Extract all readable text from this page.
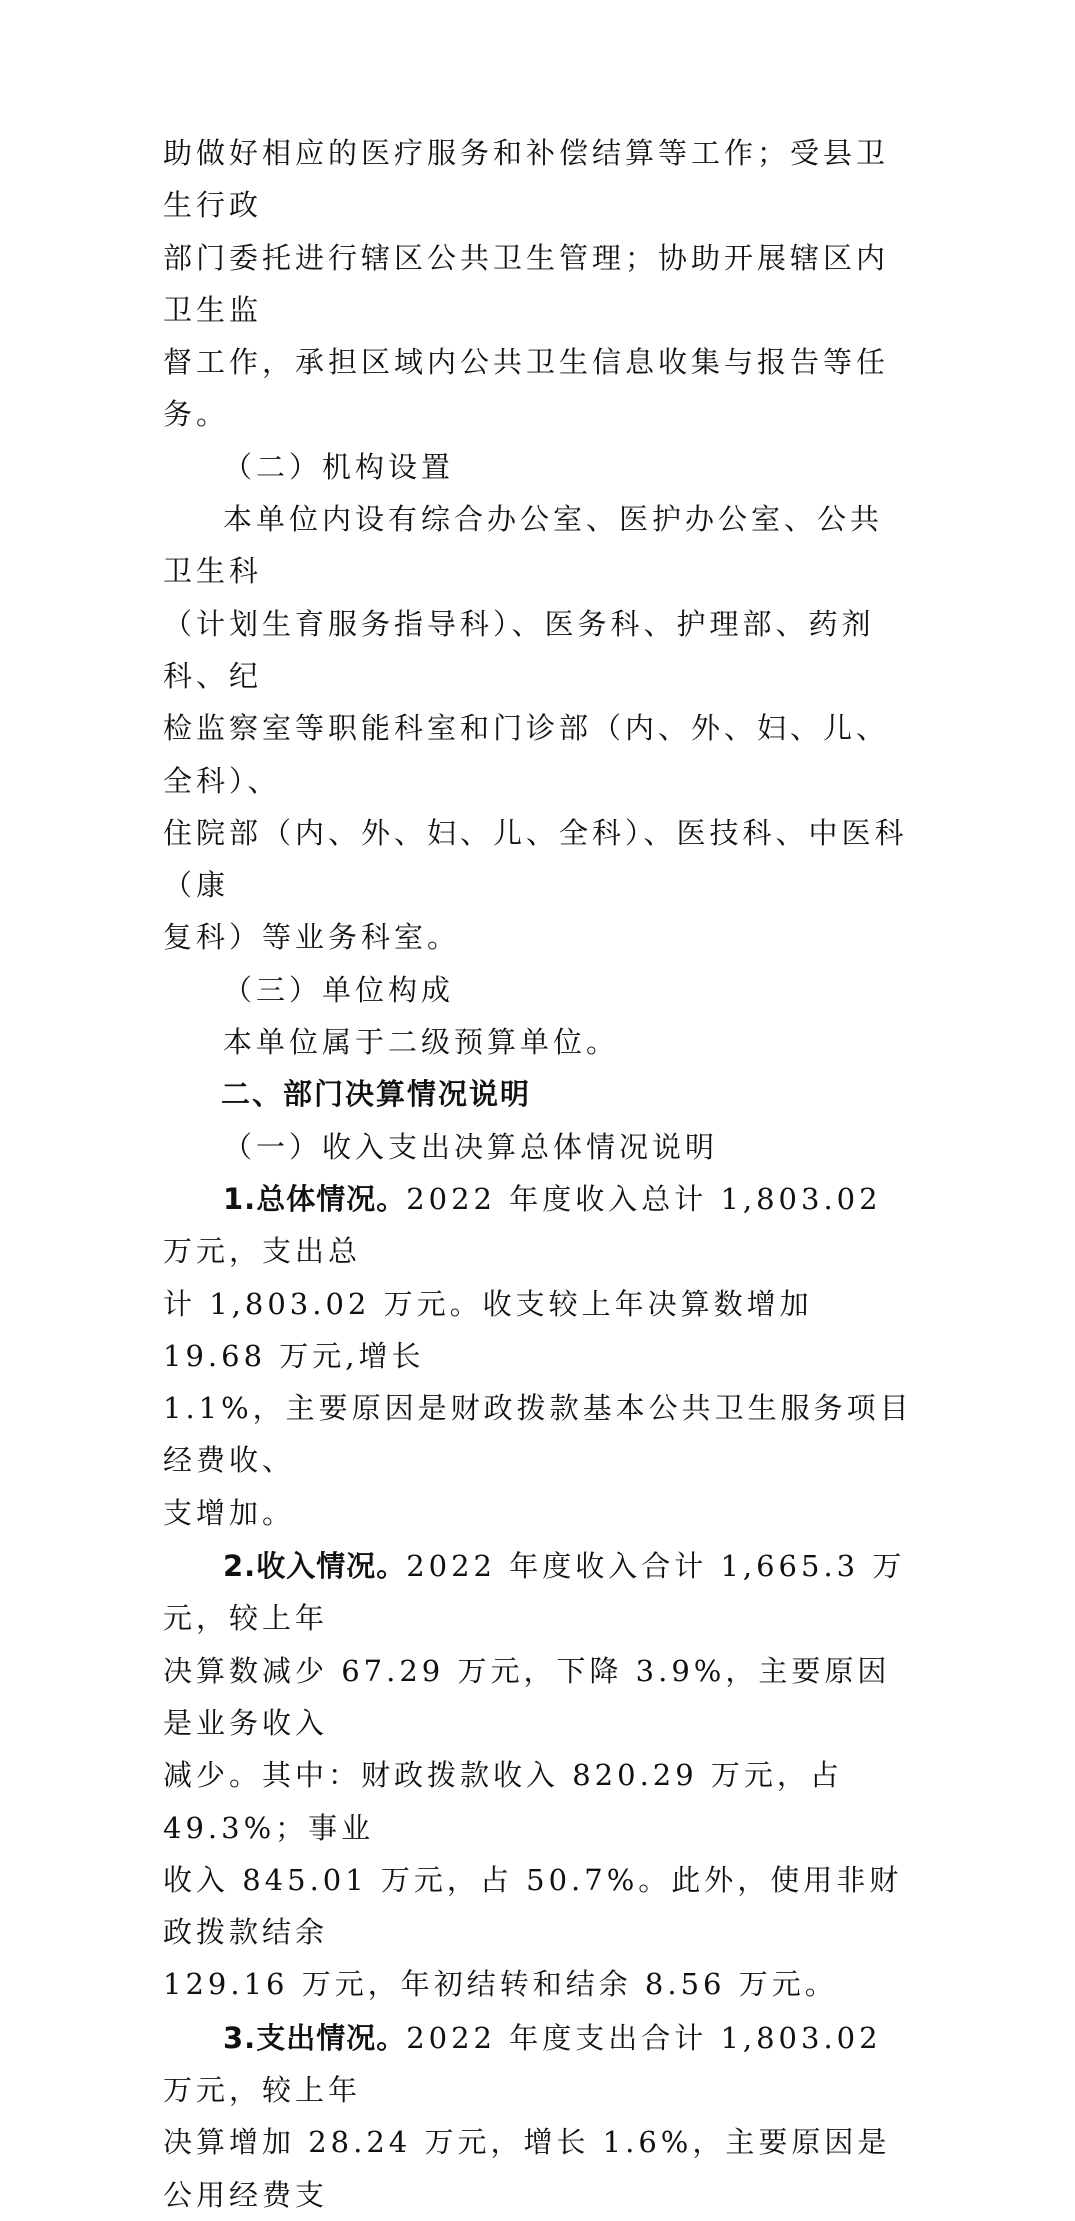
助做好相应的医疗服务和补偿结算等工作；受县卫生行政

部门委托进行辖区公共卫生管理；协助开展辖区内卫生监

督工作，承担区域内公共卫生信息收集与报告等任务。

（二）机构设置

本单位内设有综合办公室、医护办公室、公共卫生科

（计划生育服务指导科）、医务科、护理部、药剂科、纪

检监察室等职能科室和门诊部（内、外、妇、儿、全科）、

住院部（内、外、妇、儿、全科）、医技科、中医科（康

复科）等业务科室。

（三）单位构成

本单位属于二级预算单位。

二、部门决算情况说明

（一）收入支出决算总体情况说明

1.总体情况。2022 年度收入总计 1,803.02 万元，支出总

计 1,803.02 万元。收支较上年决算数增加 19.68 万元,增长

1.1%，主要原因是财政拨款基本公共卫生服务项目经费收、

支增加。

2.收入情况。2022 年度收入合计 1,665.3 万元，较上年

决算数减少 67.29 万元，下降 3.9%，主要原因是业务收入

减少。其中：财政拨款收入 820.29 万元，占 49.3%；事业

收入 845.01 万元，占 50.7%。此外，使用非财政拨款结余

129.16 万元，年初结转和结余 8.56 万元。

3.支出情况。2022 年度支出合计 1,803.02 万元，较上年

决算增加 28.24 万元，增长 1.6%，主要原因是公用经费支
